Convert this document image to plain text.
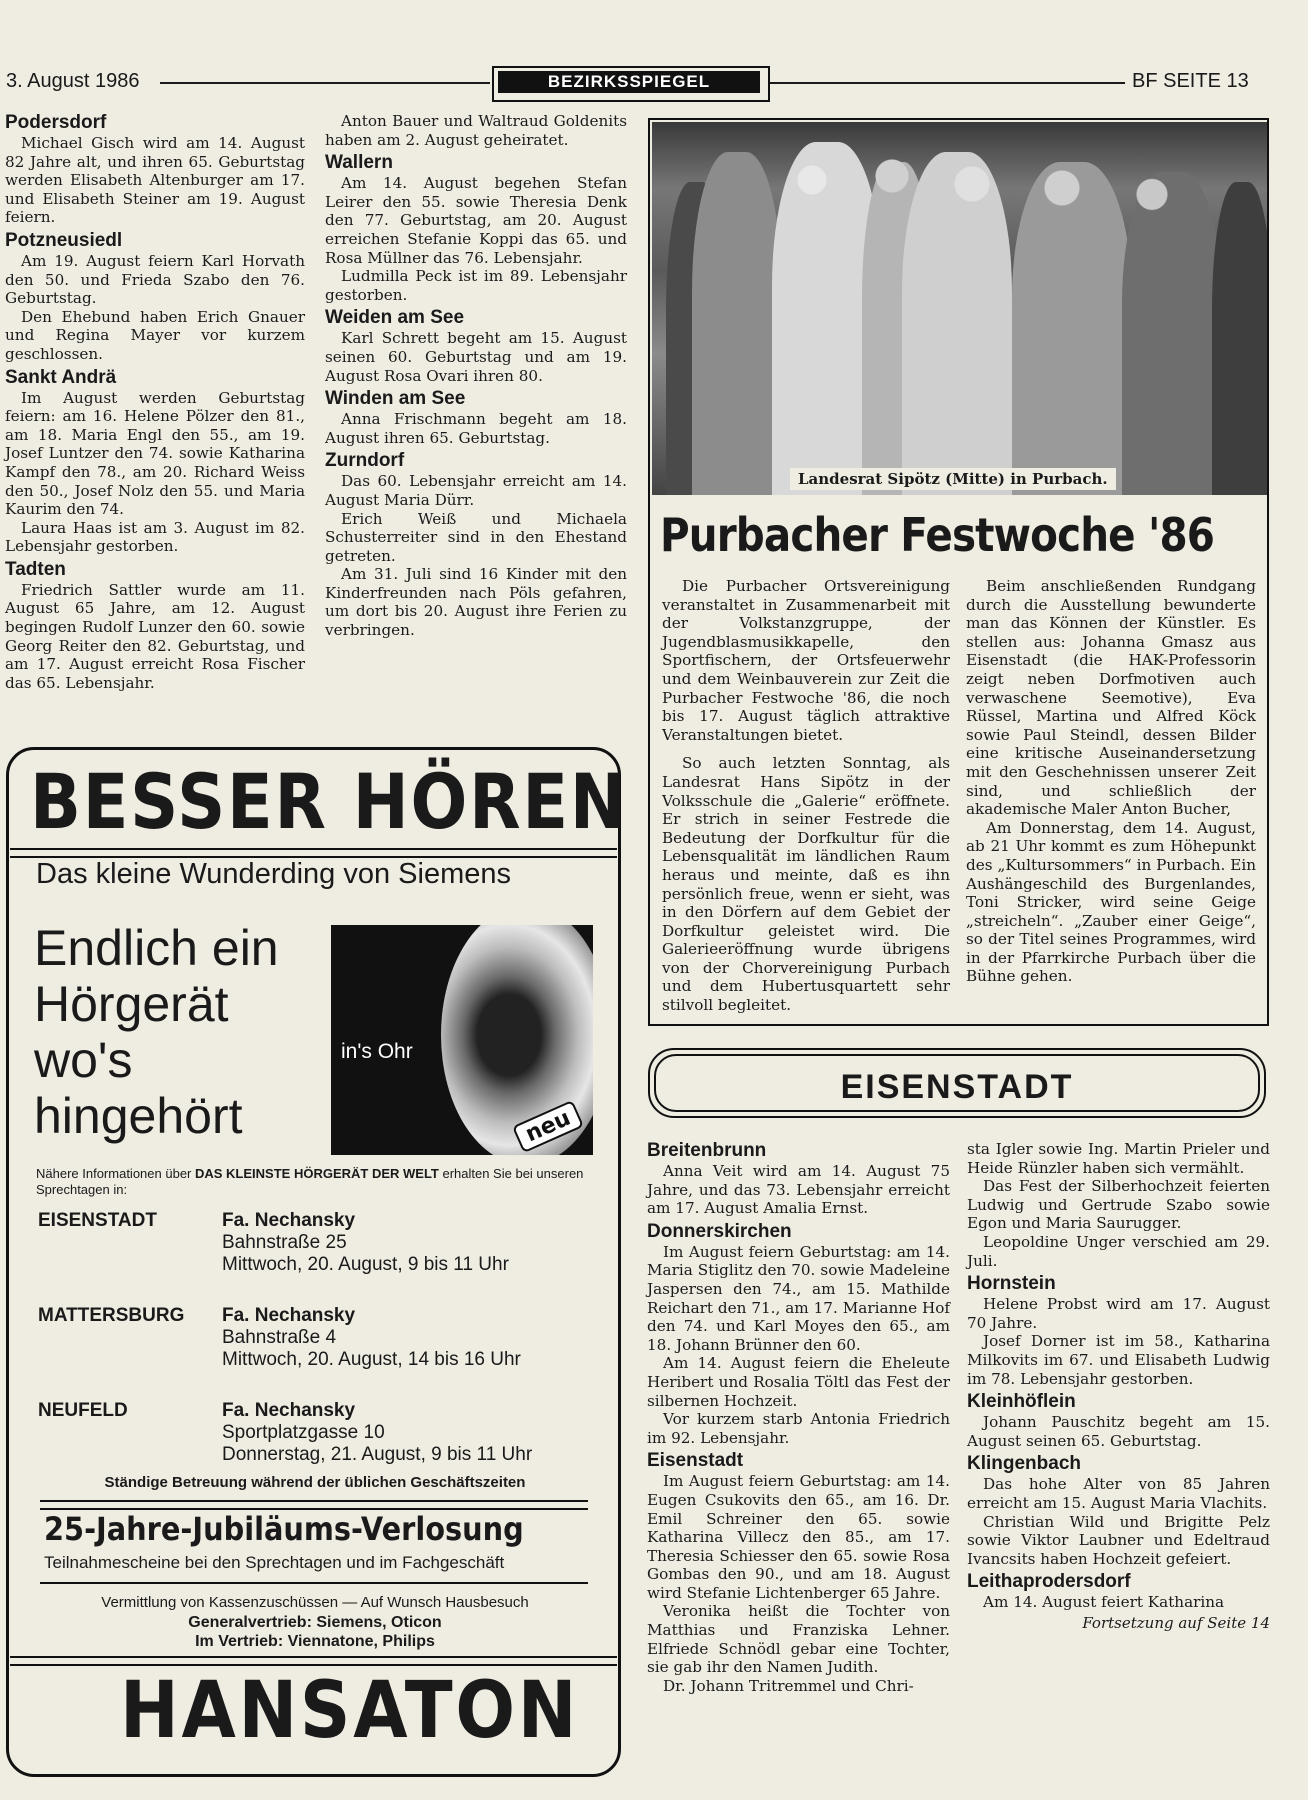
3. August 1986	BEZIRKSSPIEGEL	BF SEITE 13
Podersdorf

Michael Gisch wird am 14. August 82 Jahre alt, und ihren 65. Geburtstag werden Elisabeth Altenburger am 17. und Elisabeth Steiner am 19. August feiern.

Potzneusiedl

Am 19. August feiern Karl Horvath den 50. und Frieda Szabo den 76. Geburtstag.

Den Ehebund haben Erich Gnauer und Regina Mayer vor kurzem geschlossen.

Sankt Andrä

Im August werden Geburtstag feiern: am 16. Helene Pölzer den 81., am 18. Maria Engl den 55., am 19. Josef Luntzer den 74. sowie Katharina Kampf den 78., am 20. Richard Weiss den 50., Josef Nolz den 55. und Maria Kaurim den 74.

Laura Haas ist am 3. August im 82. Lebensjahr gestorben.

Tadten

Friedrich Sattler wurde am 11. August 65 Jahre, am 12. August begingen Rudolf Lunzer den 60. sowie Georg Reiter den 82. Geburtstag, und am 17. August erreicht Rosa Fischer das 65. Lebensjahr.

Anton Bauer und Waltraud Goldenits haben am 2. August geheiratet.

Wallern

Am 14. August begehen Stefan Leirer den 55. sowie Theresia Denk den 77. Geburtstag, am 20. August erreichen Stefanie Koppi das 65. und Rosa Müllner das 76. Lebensjahr.

Ludmilla Peck ist im 89. Lebensjahr gestorben.

Weiden am See

Karl Schrett begeht am 15. August seinen 60. Geburtstag und am 19. August Rosa Ovari ihren 80.

Winden am See

Anna Frischmann begeht am 18. August ihren 65. Geburtstag.

Zurndorf

Das 60. Lebensjahr erreicht am 14. August Maria Dürr.

Erich Weiß und Michaela Schusterreiter sind in den Ehestand getreten.

Am 31. Juli sind 16 Kinder mit den Kinderfreunden nach Pöls gefahren, um dort bis 20. August ihre Ferien zu verbringen.

Landesrat Sipötz (Mitte) in Purbach.
Purbacher Festwoche '86

Die Purbacher Ortsvereinigung veranstaltet in Zusammenarbeit mit der Volkstanzgruppe, der Jugendblasmusikkapelle, den Sportfischern, der Ortsfeuerwehr und dem Weinbauverein zur Zeit die Purbacher Festwoche '86, die noch bis 17. August täglich attraktive Veranstaltungen bietet.

So auch letzten Sonntag, als Landesrat Hans Sipötz in der Volksschule die „Galerie“ eröffnete. Er strich in seiner Festrede die Bedeutung der Dorfkultur für die Lebensqualität im ländlichen Raum heraus und meinte, daß es ihn persönlich freue, wenn er sieht, was in den Dörfern auf dem Gebiet der Dorfkultur geleistet wird. Die Galerieeröffnung wurde übrigens von der Chorvereinigung Purbach und dem Hubertusquartett sehr stilvoll begleitet.

Beim anschließenden Rundgang durch die Ausstellung bewunderte man das Können der Künstler. Es stellen aus: Johanna Gmasz aus Eisenstadt (die HAK-Professorin zeigt neben Dorfmotiven auch verwaschene Seemotive), Eva Rüssel, Martina und Alfred Köck sowie Paul Steindl, dessen Bilder eine kritische Auseinandersetzung mit den Geschehnissen unserer Zeit sind, und schließlich der akademische Maler Anton Bucher,

Am Donnerstag, dem 14. August, ab 21 Uhr kommt es zum Höhepunkt des „Kultursommers“ in Purbach. Ein Aushängeschild des Burgenlandes, Toni Stricker, wird seine Geige „streicheln“. „Zauber einer Geige“, so der Titel seines Programmes, wird in der Pfarrkirche Purbach über die Bühne gehen.

BESSER HÖREN
Das kleine Wunderding von Siemens
Endlich ein
Hörgerät
wo's
hingehört
in's Ohr
neu
Nähere Informationen über DAS KLEINSTE HÖRGERÄT DER WELT erhalten Sie bei unseren Sprechtagen in:
EISENSTADT	Fa. Nechansky
Bahnstraße 25
Mittwoch, 20. August, 9 bis 11 Uhr
MATTERSBURG	Fa. Nechansky
Bahnstraße 4
Mittwoch, 20. August, 14 bis 16 Uhr
NEUFELD	Fa. Nechansky
Sportplatzgasse 10
Donnerstag, 21. August, 9 bis 11 Uhr
Ständige Betreuung während der üblichen Geschäftszeiten
25-Jahre-Jubiläums-Verlosung
Teilnahmescheine bei den Sprechtagen und im Fachgeschäft
Vermittlung von Kassenzuschüssen — Auf Wunsch Hausbesuch
Generalvertrieb: Siemens, Oticon
Im Vertrieb: Viennatone, Philips
HANSATON
EISENSTADT
Breitenbrunn

Anna Veit wird am 14. August 75 Jahre, und das 73. Lebensjahr erreicht am 17. August Amalia Ernst.

Donnerskirchen

Im August feiern Geburtstag: am 14. Maria Stiglitz den 70. sowie Madeleine Jaspersen den 74., am 15. Mathilde Reichart den 71., am 17. Marianne Hof den 74. und Karl Moyes den 65., am 18. Johann Brünner den 60.

Am 14. August feiern die Eheleute Heribert und Rosalia Töltl das Fest der silbernen Hochzeit.

Vor kurzem starb Antonia Friedrich im 92. Lebensjahr.

Eisenstadt

Im August feiern Geburtstag: am 14. Eugen Csukovits den 65., am 16. Dr. Emil Schreiner den 65. sowie Katharina Villecz den 85., am 17. Theresia Schiesser den 65. sowie Rosa Gombas den 90., und am 18. August wird Stefanie Lichtenberger 65 Jahre.

Veronika heißt die Tochter von Matthias und Franziska Lehner. Elfriede Schnödl gebar eine Tochter, sie gab ihr den Namen Judith.

Dr. Johann Tritremmel und Chri-

sta Igler sowie Ing. Martin Prieler und Heide Rünzler haben sich vermählt.

Das Fest der Silberhochzeit feierten Ludwig und Gertrude Szabo sowie Egon und Maria Saurugger.

Leopoldine Unger verschied am 29. Juli.

Hornstein

Helene Probst wird am 17. August 70 Jahre.

Josef Dorner ist im 58., Katharina Milkovits im 67. und Elisabeth Ludwig im 78. Lebensjahr gestorben.

Kleinhöflein

Johann Pauschitz begeht am 15. August seinen 65. Geburtstag.

Klingenbach

Das hohe Alter von 85 Jahren erreicht am 15. August Maria Vlachits.

Christian Wild und Brigitte Pelz sowie Viktor Laubner und Edeltraud Ivancsits haben Hochzeit gefeiert.

Leithaprodersdorf

Am 14. August feiert Katharina

Fortsetzung auf Seite 14
